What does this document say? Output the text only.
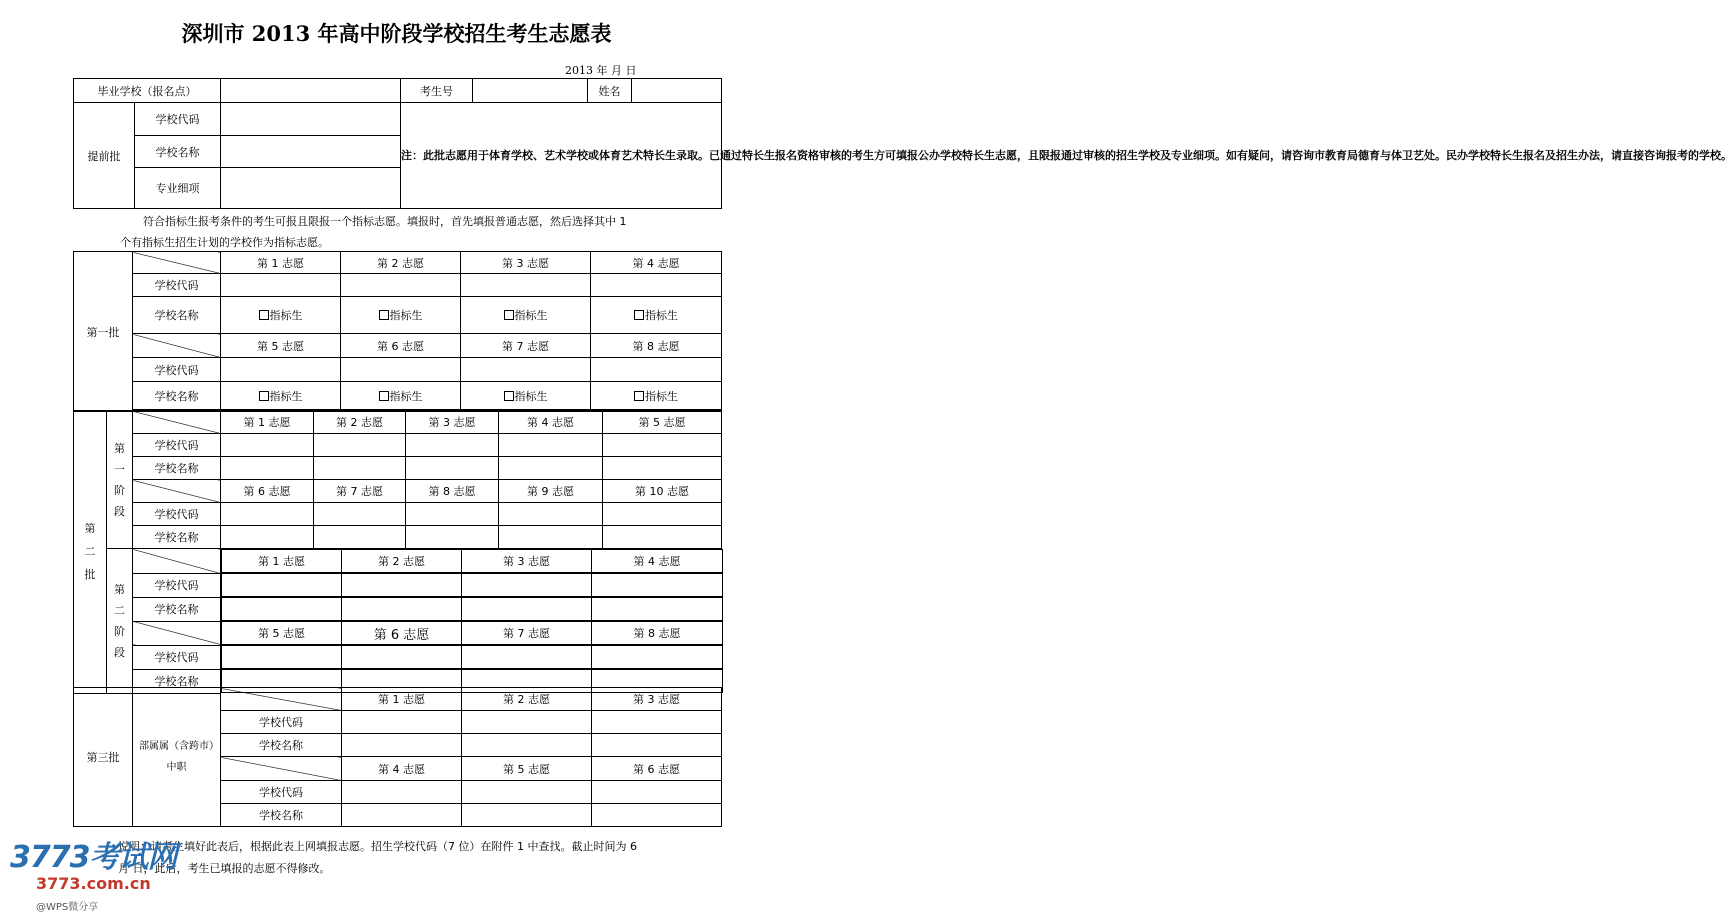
深圳市 2013 年高中阶段学校招生考生志愿表
2013 年 月 日
毕业学校（报名点）			考生号		姓名	
提前批	学校代码		注：此批志愿用于体育学校、艺术学校或体育艺术特长生录取。已通过特长生报名资格审核的考生方可填报公办学校特长生志愿，且限报通过审核的招生学校及专业细项。如有疑问，请咨询市教育局德育与体卫艺处。民办学校特长生报名及招生办法，请直接咨询报考的学校。			
	学校名称					
	专业细项					
符合指标生报考条件的考生可报且限报一个指标志愿。填报时，首先填报普通志愿，然后选择其中 1
个有指标生招生计划的学校作为指标志愿。
第一批		第 1 志愿	第 2 志愿	第 3 志愿	第 4 志愿
	学校代码				
	学校名称	指标生	指标生	指标生	指标生
		第 5 志愿	第 6 志愿	第 7 志愿	第 8 志愿
	学校代码				
	学校名称	指标生	指标生	指标生	指标生

第二批	第一阶段		第 1 志愿	第 2 志愿	第 3 志愿	第 4 志愿	第 5 志愿
学校代码					
学校名称					
	第 6 志愿	第 7 志愿	第 8 志愿	第 9 志愿	第 10 志愿
学校代码					
学校名称					
第二阶段		
第 1 志愿	第 2 志愿	第 3 志愿	第 4 志愿

学校代码	

学校名称	

第 5 志愿	第 6 志愿	第 7 志愿	第 8 志愿

学校代码	

学校名称	

第三批	部属属（含跨市）中职		第 1 志愿	第 2 志愿	第 3 志愿
		学校代码			
		学校名称			
			第 4 志愿	第 5 志愿	第 6 志愿
		学校代码			
		学校名称			
说明：请考生填好此表后，根据此表上网填报志愿。招生学校代码（7 位）在附件 1 中查找。截止时间为 6
月 日，此后，考生已填报的志愿不得修改。
3773考试网
3773.com.cn
@WPS微分享
